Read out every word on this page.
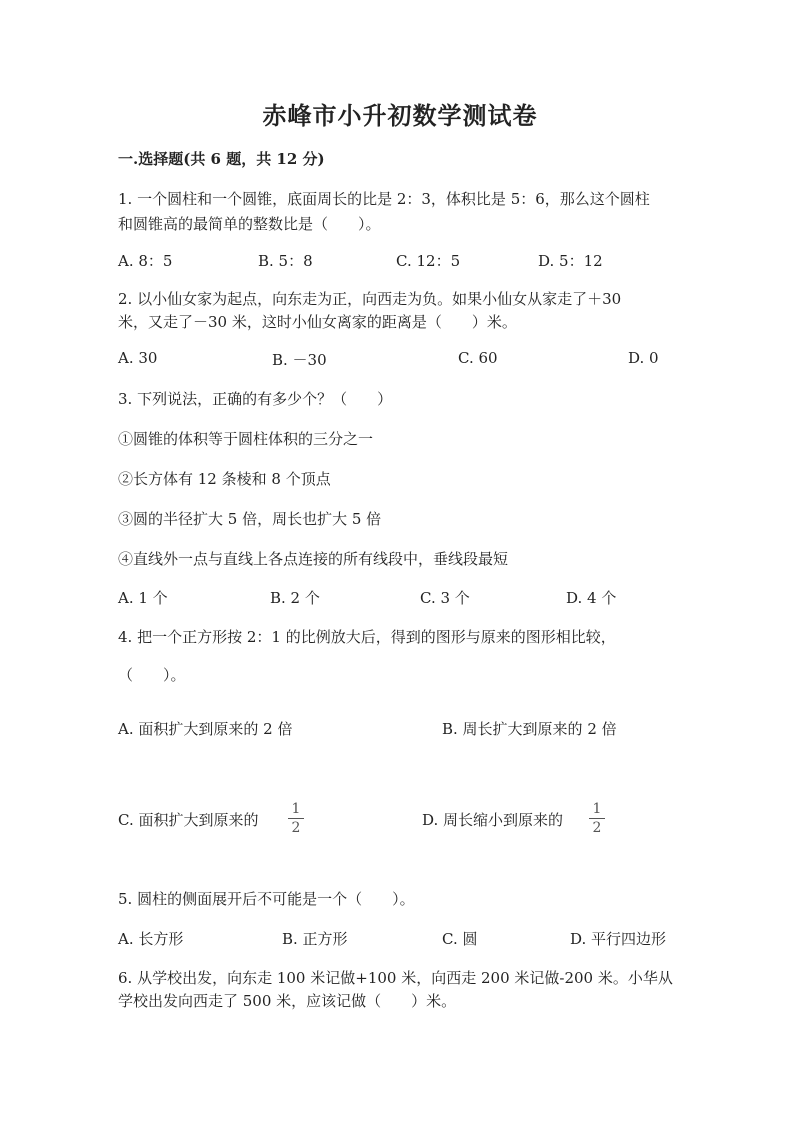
赤峰市小升初数学测试卷
一.选择题(共 6 题，共 12 分)
1. 一个圆柱和一个圆锥，底面周长的比是 2：3，体积比是 5：6，那么这个圆柱
和圆锥高的最简单的整数比是（　　）。
A. 8：5	B. 5：8	C. 12：5	D. 5：12
2. 以小仙女家为起点，向东走为正，向西走为负。如果小仙女从家走了＋30
米，又走了－30 米，这时小仙女离家的距离是（　　）米。
A. 30	B. －30	C. 60	D. 0
3. 下列说法，正确的有多少个？（　　）
①圆锥的体积等于圆柱体积的三分之一
②长方体有 12 条棱和 8 个顶点
③圆的半径扩大 5 倍，周长也扩大 5 倍
④直线外一点与直线上各点连接的所有线段中，垂线段最短
A. 1 个	B. 2 个	C. 3 个	D. 4 个
4. 把一个正方形按 2：1 的比例放大后，得到的图形与原来的图形相比较，
（　　）。
A. 面积扩大到原来的 2 倍	B. 周长扩大到原来的 2 倍
C. 面积扩大到原来的
1
2	D. 周长缩小到原来的
1
2
5. 圆柱的侧面展开后不可能是一个（　　）。
A. 长方形	B. 正方形	C. 圆	D. 平行四边形
6. 从学校出发，向东走 100 米记做+100 米，向西走 200 米记做-200 米。小华从
学校出发向西走了 500 米，应该记做（　　）米。
